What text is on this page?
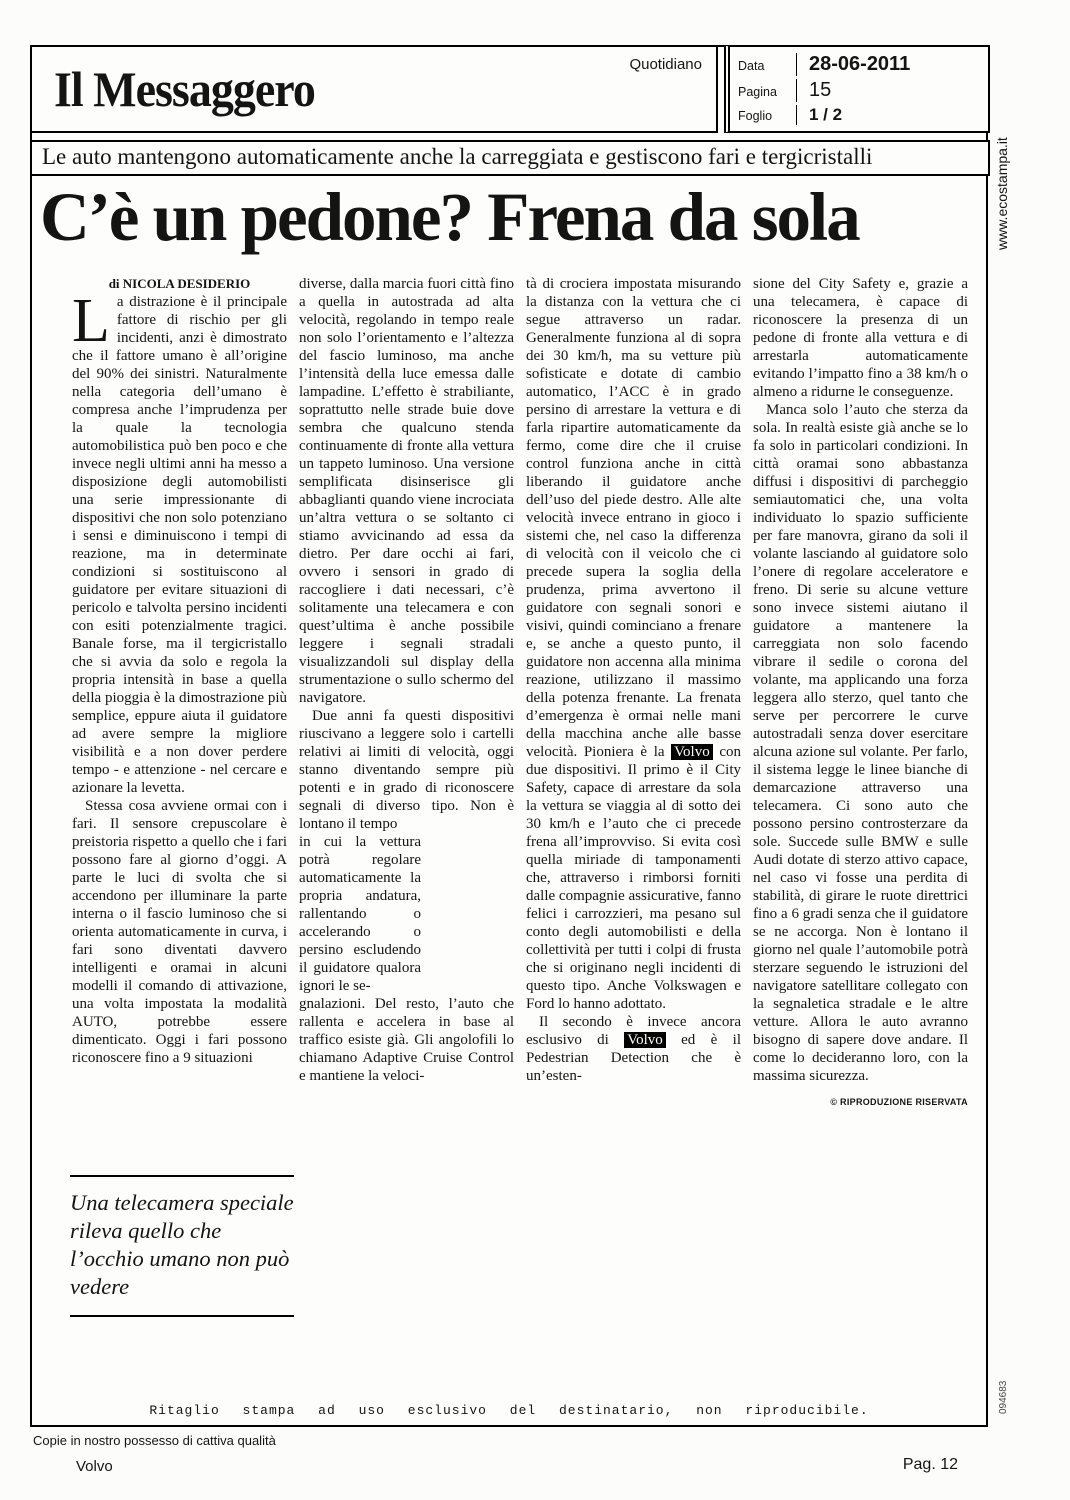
Il Messaggero	Quotidiano	Data	28-06-2011
Pagina	15
Foglio	1 / 2
Le auto mantengono automaticamente anche la carreggiata e gestiscono fari e tergicristalli
C’è un pedone? Frena da sola

di NICOLA DESIDERIO

La distrazione è il principale fattore di rischio per gli incidenti, anzi è dimostrato che il fattore umano è all’origine del 90% dei sinistri. Naturalmente nella categoria dell’umano è compresa anche l’imprudenza per la quale la tecnologia automobilistica può ben poco e che invece negli ultimi anni ha messo a disposizione degli automobilisti una serie impressionante di dispositivi che non solo potenziano i sensi e diminuiscono i tempi di reazione, ma in determinate condizioni si sostituiscono al guidatore per evitare situazioni di pericolo e talvolta persino incidenti con esiti potenzialmente tragici. Banale forse, ma il tergicristallo che si avvia da solo e regola la propria intensità in base a quella della pioggia è la dimostrazione più semplice, eppure aiuta il guidatore ad avere sempre la migliore visibilità e a non dover perdere tempo - e attenzione - nel cercare e azionare la levetta.

Stessa cosa avviene ormai con i fari. Il sensore crepuscolare è preistoria rispetto a quello che i fari possono fare al giorno d’oggi. A parte le luci di svolta che si accendono per illuminare la parte interna o il fascio luminoso che si orienta automaticamente in curva, i fari sono diventati davvero intelligenti e oramai in alcuni modelli il comando di attivazione, una volta impostata la modalità AUTO, potrebbe essere dimenticato. Oggi i fari possono riconoscere fino a 9 situazioni

diverse, dalla marcia fuori città fino a quella in autostrada ad alta velocità, regolando in tempo reale non solo l’orientamento e l’altezza del fascio luminoso, ma anche l’intensità della luce emessa dalle lampadine. L’effetto è strabiliante, soprattutto nelle strade buie dove sembra che qualcuno stenda continuamente di fronte alla vettura un tappeto luminoso. Una versione semplificata disinserisce gli abbaglianti quando viene incrociata un’altra vettura o se soltanto ci stiamo avvicinando ad essa da dietro. Per dare occhi ai fari, ovvero i sensori in grado di raccogliere i dati necessari, c’è solitamente una telecamera e con quest’ultima è anche possibile leggere i segnali stradali visualizzandoli sul display della strumentazione o sullo schermo del navigatore.

Due anni fa questi dispositivi riuscivano a leggere solo i cartelli relativi ai limiti di velocità, oggi stanno diventando sempre più potenti e in grado di riconoscere segnali di diverso tipo. Non è lontano il tempo

in cui la vettura potrà regolare automaticamente la propria andatura, rallentando o accelerando o persino escludendo il guidatore qualora ignori le se-

gnalazioni. Del resto, l’auto che rallenta e accelera in base al traffico esiste già. Gli angolofili lo chiamano Adaptive Cruise Control e mantiene la veloci-

tà di crociera impostata misurando la distanza con la vettura che ci segue attraverso un radar. Generalmente funziona al di sopra dei 30 km/h, ma su vetture più sofisticate e dotate di cambio automatico, l’ACC è in grado persino di arrestare la vettura e di farla ripartire automaticamente da fermo, come dire che il cruise control funziona anche in città liberando il guidatore anche dell’uso del piede destro. Alle alte velocità invece entrano in gioco i sistemi che, nel caso la differenza di velocità con il veicolo che ci precede supera la soglia della prudenza, prima avvertono il guidatore con segnali sonori e visivi, quindi cominciano a frenare e, se anche a questo punto, il guidatore non accenna alla minima reazione, utilizzano il massimo della potenza frenante. La frenata d’emergenza è ormai nelle mani della macchina anche alle basse velocità. Pioniera è la Volvo con due dispositivi. Il primo è il City Safety, capace di arrestare da sola la vettura se viaggia al di sotto dei 30 km/h e l’auto che ci precede frena all’improvviso. Si evita così quella miriade di tamponamenti che, attraverso i rimborsi forniti dalle compagnie assicurative, fanno felici i carrozzieri, ma pesano sul conto degli automobilisti e della collettività per tutti i colpi di frusta che si originano negli incidenti di questo tipo. Anche Volkswagen e Ford lo hanno adottato.

Il secondo è invece ancora esclusivo di Volvo ed è il Pedestrian Detection che è un’esten-

sione del City Safety e, grazie a una telecamera, è capace di riconoscere la presenza di un pedone di fronte alla vettura e di arrestarla automaticamente evitando l’impatto fino a 38 km/h o almeno a ridurne le conseguenze.

Manca solo l’auto che sterza da sola. In realtà esiste già anche se lo fa solo in particolari condizioni. In città oramai sono abbastanza diffusi i dispositivi di parcheggio semiautomatici che, una volta individuato lo spazio sufficiente per fare manovra, girano da soli il volante lasciando al guidatore solo l’onere di regolare acceleratore e freno. Di serie su alcune vetture sono invece sistemi aiutano il guidatore a mantenere la carreggiata non solo facendo vibrare il sedile o corona del volante, ma applicando una forza leggera allo sterzo, quel tanto che serve per percorrere le curve autostradali senza dover esercitare alcuna azione sul volante. Per farlo, il sistema legge le linee bianche di demarcazione attraverso una telecamera. Ci sono auto che possono persino controsterzare da sole. Succede sulle BMW e sulle Audi dotate di sterzo attivo capace, nel caso vi fosse una perdita di stabilità, di girare le ruote direttrici fino a 6 gradi senza che il guidatore se ne accorga. Non è lontano il giorno nel quale l’automobile potrà sterzare seguendo le istruzioni del navigatore satellitare collegato con la segnaletica stradale e le altre vetture. Allora le auto avranno bisogno di sapere dove andare. Il come lo decideranno loro, con la massima sicurezza.

© RIPRODUZIONE RISERVATA
Una telecamera speciale rileva quello che l’occhio umano non può vedere
Ritaglio stampa ad uso esclusivo del destinatario, non riproducibile.
Copie in nostro possesso di cattiva qualità
Volvo	Pag. 12
www.ecostampa.it
094683
